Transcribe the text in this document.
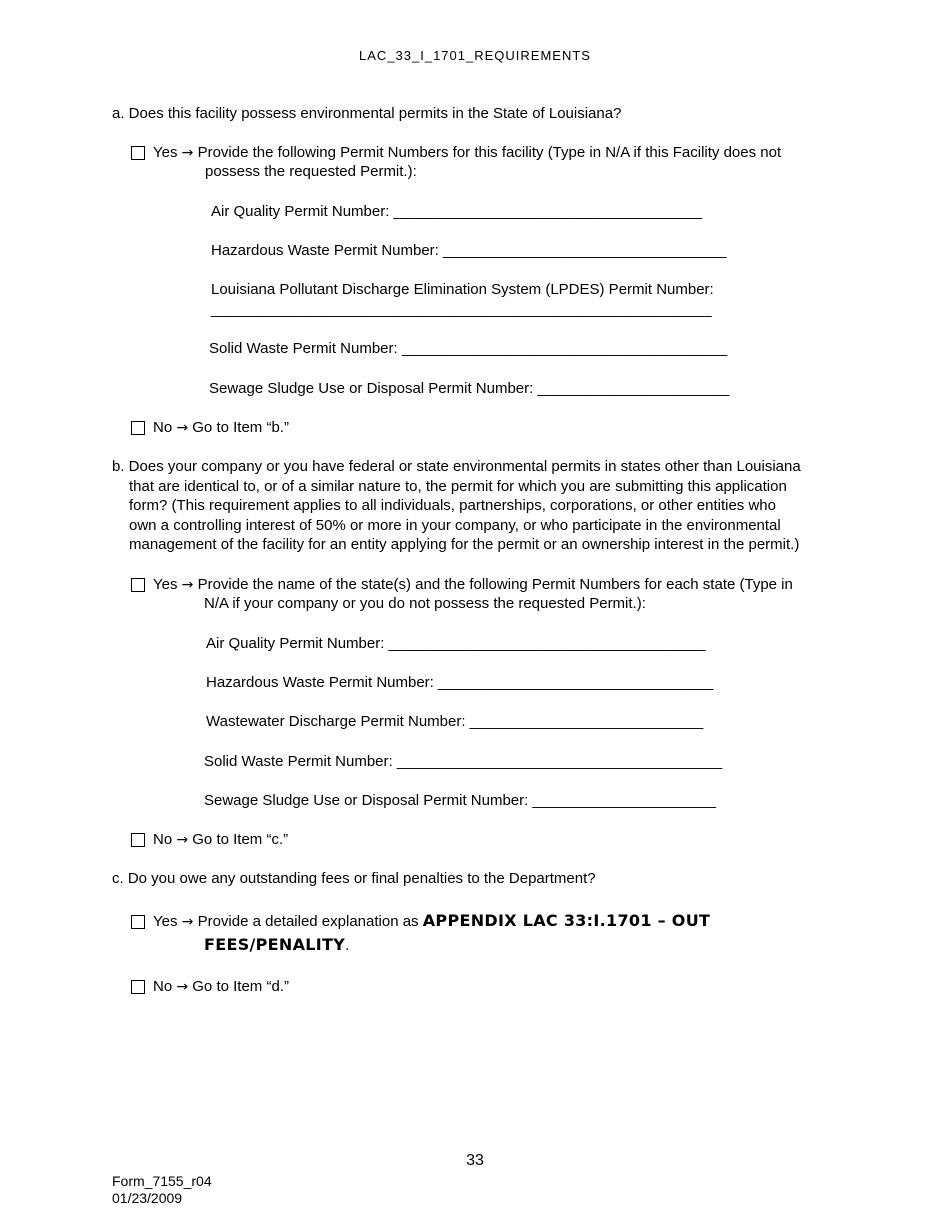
LAC_33_I_1701_REQUIREMENTS
a. Does this facility possess environmental permits in the State of Louisiana?
Yes → Provide the following Permit Numbers for this facility (Type in N/A if this Facility does not
possess the requested Permit.):
Air Quality Permit Number: _____________________________________
Hazardous Waste Permit Number: __________________________________
Louisiana Pollutant Discharge Elimination System (LPDES) Permit Number:
____________________________________________________________
Solid Waste Permit Number: _______________________________________
Sewage Sludge Use or Disposal Permit Number: _______________________
No → Go to Item “b.”
b. Does your company or you have federal or state environmental permits in states other than Louisiana
that are identical to, or of a similar nature to, the permit for which you are submitting this application
form? (This requirement applies to all individuals, partnerships, corporations, or other entities who
own a controlling interest of 50% or more in your company, or who participate in the environmental
management of the facility for an entity applying for the permit or an ownership interest in the permit.)
Yes → Provide the name of the state(s) and the following Permit Numbers for each state (Type in
N/A if your company or you do not possess the requested Permit.):
Air Quality Permit Number: ______________________________________
Hazardous Waste Permit Number: _________________________________
Wastewater Discharge Permit Number: ____________________________
Solid Waste Permit Number: _______________________________________
Sewage Sludge Use or Disposal Permit Number: ______________________
No → Go to Item “c.”
c. Do you owe any outstanding fees or final penalties to the Department?
Yes → Provide a detailed explanation as APPENDIX LAC 33:I.1701 – OUT
FEES/PENALITY.
No → Go to Item “d.”
33
Form_7155_r04
01/23/2009
